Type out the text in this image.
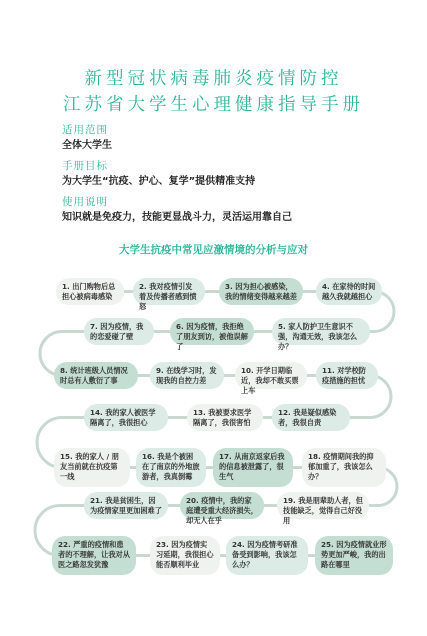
新型冠状病毒肺炎疫情防控
江苏省大学生心理健康指导手册
适用范围
全体大学生
手册目标
为大学生“抗疫、护心、复学”提供精准支持
使用说明
知识就是免疫力，技能更显战斗力，灵活运用靠自己
大学生抗疫中常见应激情境的分析与应对
1. 出门购物后总担心被病毒感染
2. 我对疫情引发着及传播者感到愤怒
3. 因为担心被感染，我的情绪变得越来越差
4. 在家待的时间越久我就越担心
7. 因为疫情，我的恋爱碰了壁
6. 因为疫情，我拒绝了朋友到访，被他误解了
5. 家人防护卫生意识不强，沟通无效，我该怎么办？
8. 统计班级人员情况时总有人敷衍了事
9. 在线学习时，发现我的自控力差
10. 开学日期临近，我却不敢买票上车
11. 对学校防疫措施的担忧
14. 我的家人被医学隔离了，我很担心
13. 我被要求医学隔离了，我很害怕
12. 我是疑似感染者，我很自责
15. 我的家人 / 朋友当前就在抗疫第一线
16. 我是个被困在了南京的外地旅游者，我真倒霉
17. 从南京返家后我的信息被泄露了，很生气
18. 疫情期间我的抑郁加重了，我该怎么办？
21. 我是贫困生，因为疫情家里更加困难了
20. 疫情中，我的家庭遭受重大经济损失，却无人在乎
19. 我是朋辈助人者，但技能缺乏，觉得自己好没用
22. 严重的疫情和患者的不理解，让我对从医之路忽发犹豫
23. 因为疫情实习延期，我很担心能否顺利毕业
24. 因为疫情考研准备受到影响，我该怎么办？
25. 因为疫情就业形势更加严峻，我的出路在哪里
